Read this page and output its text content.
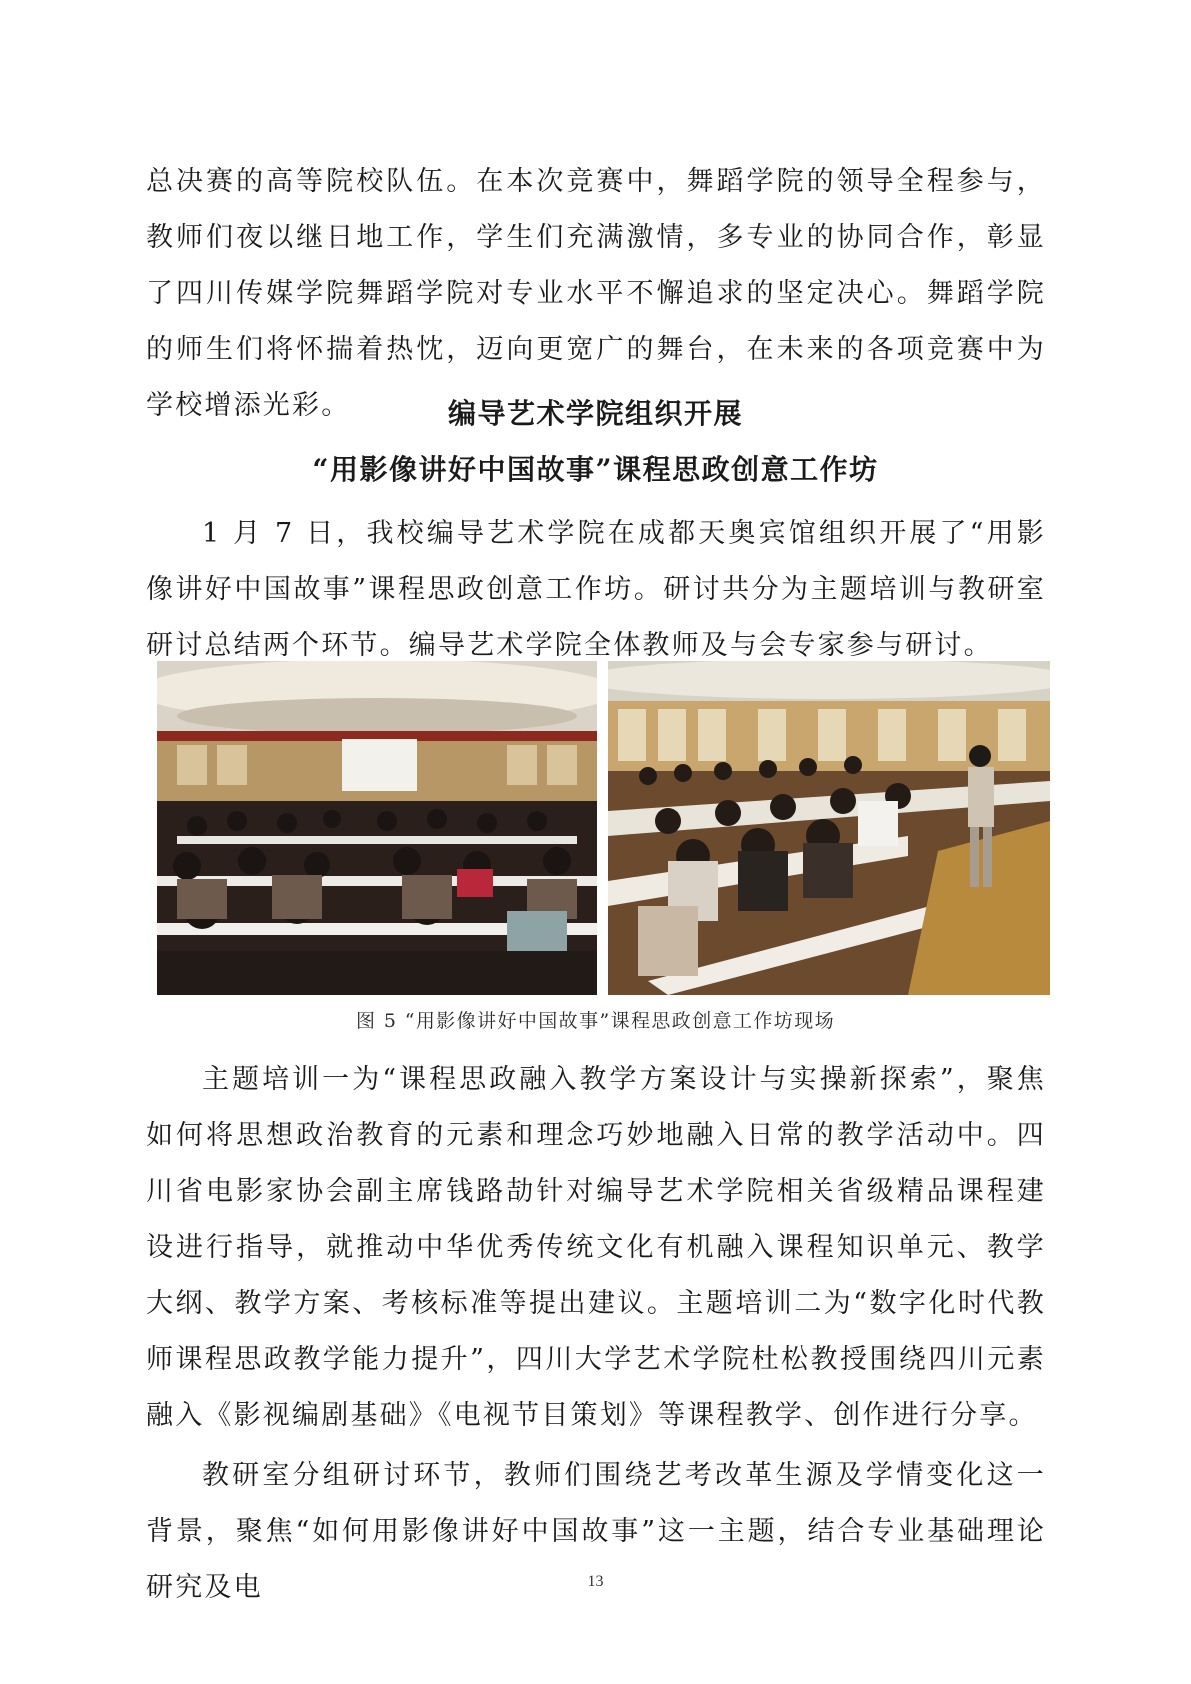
总决赛的高等院校队伍。在本次竞赛中，舞蹈学院的领导全程参与，教师们夜以继日地工作，学生们充满激情，多专业的协同合作，彰显了四川传媒学院舞蹈学院对专业水平不懈追求的坚定决心。舞蹈学院的师生们将怀揣着热忱，迈向更宽广的舞台，在未来的各项竞赛中为学校增添光彩。	编导艺术学院组织开展
“用影像讲好中国故事”课程思政创意工作坊

1 月 7 日，我校编导艺术学院在成都天奥宾馆组织开展了“用影像讲好中国故事”课程思政创意工作坊。研讨共分为主题培训与教研室研讨总结两个环节。编导艺术学院全体教师及与会专家参与研讨。

图 5 “用影像讲好中国故事”课程思政创意工作坊现场

主题培训一为“课程思政融入教学方案设计与实操新探索”，聚焦如何将思想政治教育的元素和理念巧妙地融入日常的教学活动中。四川省电影家协会副主席钱路劼针对编导艺术学院相关省级精品课程建设进行指导，就推动中华优秀传统文化有机融入课程知识单元、教学大纲、教学方案、考核标准等提出建议。主题培训二为“数字化时代教师课程思政教学能力提升”，四川大学艺术学院杜松教授围绕四川元素融入《影视编剧基础》《电视节目策划》等课程教学、创作进行分享。

教研室分组研讨环节，教师们围绕艺考改革生源及学情变化这一背景，聚焦“如何用影像讲好中国故事”这一主题，结合专业基础理论研究及电	13
